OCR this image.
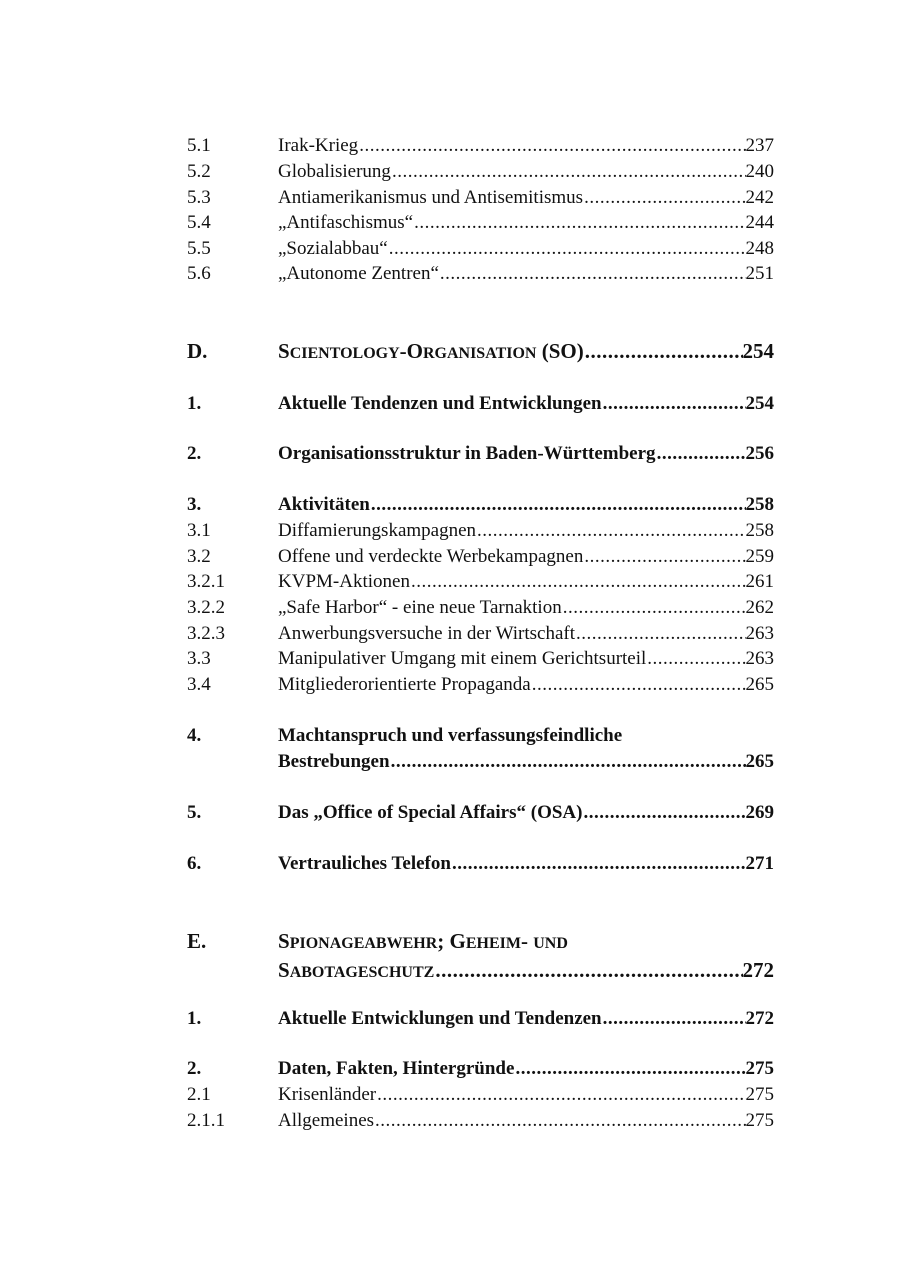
5.1	Irak-Krieg .....	237
5.2	Globalisierung .....	240
5.3	Antiamerikanismus und Antisemitismus .....	242
5.4	„Antifaschismus“ .....	244
5.5	„Sozialabbau“ .....	248
5.6	„Autonome Zentren“ .....	251
D.	SCIENTOLOGY-ORGANISATION (SO) .....	254
1.	Aktuelle Tendenzen und Entwicklungen .....	254
2.	Organisationsstruktur in Baden-Württemberg .....	256
3.	Aktivitäten .....	258
3.1	Diffamierungskampagnen .....	258
3.2	Offene und verdeckte Werbekampagnen .....	259
3.2.1	KVPM-Aktionen .....	261
3.2.2	„Safe Harbor“ - eine neue Tarnaktion .....	262
3.2.3	Anwerbungsversuche in der Wirtschaft .....	263
3.3	Manipulativer Umgang mit einem Gerichtsurteil .....	263
3.4	Mitgliederorientierte Propaganda .....	265
4.	Machtanspruch und verfassungsfeindliche
Bestrebungen .....	265
5.	Das „Office of Special Affairs“ (OSA) .....	269
6.	Vertrauliches Telefon .....	271
E.	SPIONAGEABWEHR; GEHEIM- UND
SABOTAGESCHUTZ .....	272
1.	Aktuelle Entwicklungen und Tendenzen .....	272
2.	Daten, Fakten, Hintergründe .....	275
2.1	Krisenländer .....	275
2.1.1	Allgemeines .....	275
